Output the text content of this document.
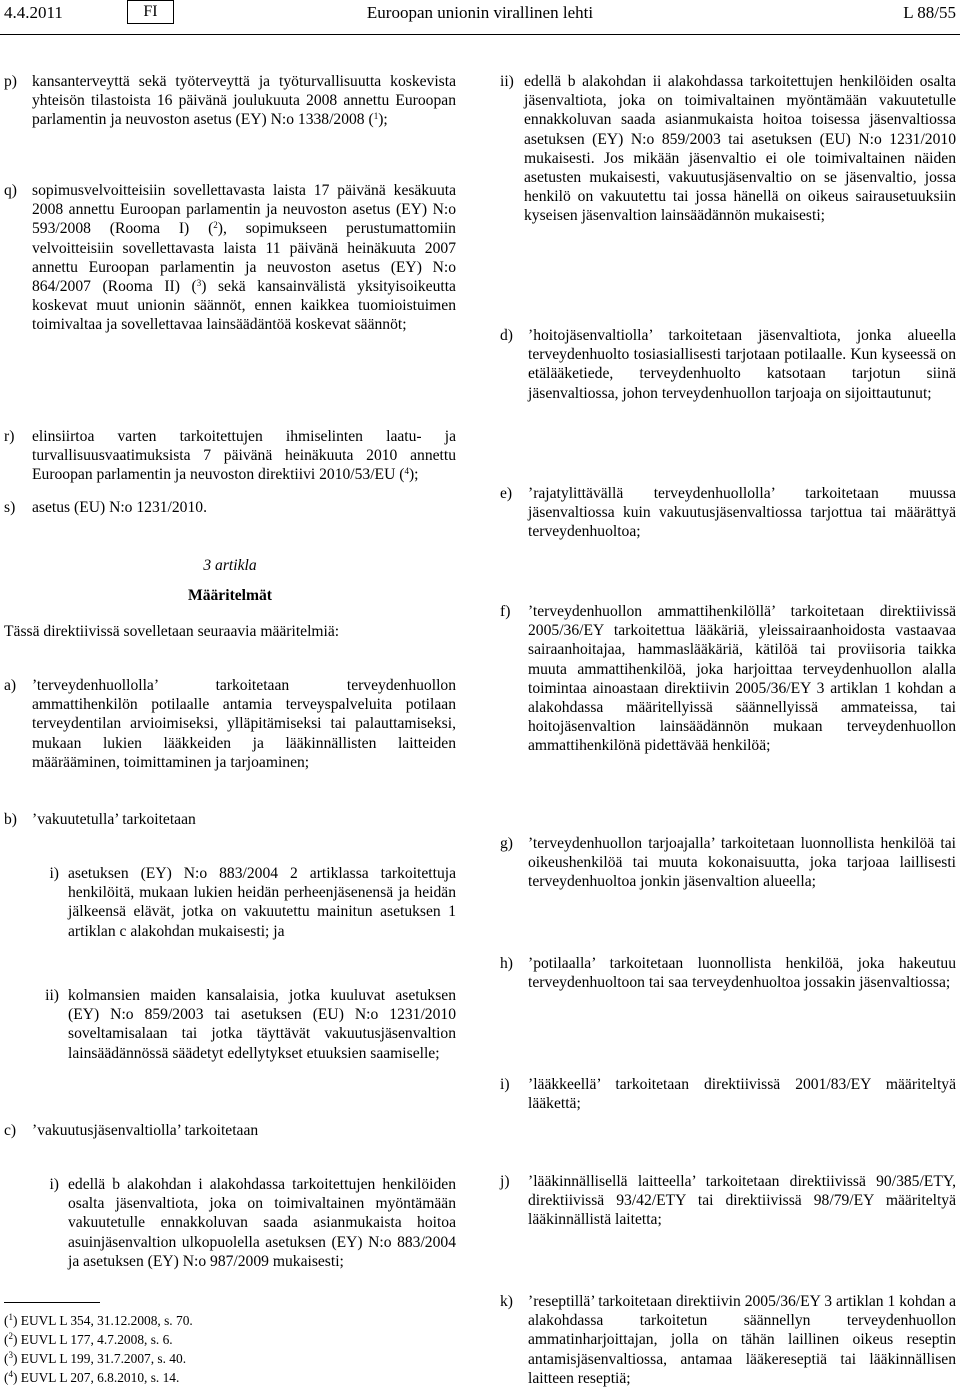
4.4.2011	FI	Euroopan unionin virallinen lehti	L 88/55
p) kansanterveyttä sekä työterveyttä ja työturvallisuutta koskevista yhteisön tilastoista 16 päivänä joulukuuta 2008 annettu Euroopan parlamentin ja neuvoston asetus (EY) N:o 1338/2008 ($^1$);

q) sopimusvelvoitteisiin sovellettavasta laista 17 päivänä kesäkuuta 2008 annettu Euroopan parlamentin ja neuvoston asetus (EY) N:o 593/2008 (Rooma I) ($^2$), sopimukseen perustumattomiin velvoitteisiin sovellettavasta laista 11 päivänä heinäkuuta 2007 annettu Euroopan parlamentin ja neuvoston asetus (EY) N:o 864/2007 (Rooma II) ($^3$) sekä kansainvälistä yksityisoikeutta koskevat muut unionin säännöt, ennen kaikkea tuomioistuimen toimivaltaa ja sovellettavaa lainsäädäntöä koskevat säännöt;

r)	elinsiirtoa varten tarkoitettujen ihmiselinten laatu- ja turvallisuusvaatimuksista 7 päivänä heinäkuuta 2010 annettu Euroopan parlamentin ja neuvoston direktiivi 2010/53/EU ($^4$);

s)	asetus (EU) N:o 1231/2010.

3 artikla
Määritelmät
Tässä direktiivissä sovelletaan seuraavia määritelmiä:
a)	’terveydenhuollolla’ tarkoitetaan terveydenhuollon ammattihenkilön potilaalle antamia terveyspalveluita potilaan terveydentilan arvioimiseksi, ylläpitämiseksi tai palauttamiseksi, mukaan lukien lääkkeiden ja lääkinnällisten laitteiden määrääminen, toimittaminen ja tarjoaminen;

b) ’vakuutetulla’ tarkoitetaan

i) asetuksen (EY) N:o 883/2004 2 artiklassa tarkoitettuja henkilöitä, mukaan lukien heidän perheenjäsenensä ja heidän jälkeensä elävät, jotka on vakuutettu mainitun asetuksen 1 artiklan c alakohdan mukaisesti; ja

ii) kolmansien maiden kansalaisia, jotka kuuluvat asetuksen (EY) N:o 859/2003 tai asetuksen (EU) N:o 1231/2010 soveltamisalaan tai jotka täyttävät vakuutusjäsenvaltion lainsäädännössä säädetyt edellytykset etuuksien saamiselle;

c)	’vakuutusjäsenvaltiolla’ tarkoitetaan

i) edellä b alakohdan i alakohdassa tarkoitettujen henkilöiden osalta jäsenvaltiota, joka on toimivaltainen myöntämään vakuutetulle ennakkoluvan saada asianmukaista hoitoa asuinjäsenvaltion ulkopuolella asetuksen (EY) N:o 883/2004 ja asetuksen (EY) N:o 987/2009 mukaisesti;

($^1$) EUVL L 354, 31.12.2008, s. 70.
($^2$) EUVL L 177, 4.7.2008, s. 6.
($^3$) EUVL L 199, 31.7.2007, s. 40.
($^4$) EUVL L 207, 6.8.2010, s. 14.
ii) edellä b alakohdan ii alakohdassa tarkoitettujen henkilöiden osalta jäsenvaltiota, joka on toimivaltainen myöntämään vakuutetulle ennakkoluvan saada asianmukaista hoitoa toisessa jäsenvaltiossa asetuksen (EY) N:o 859/2003 tai asetuksen (EU) N:o 1231/2010 mukaisesti. Jos mikään jäsenvaltio ei ole toimivaltainen näiden asetusten mukaisesti, vakuutusjäsenvaltio on se jäsenvaltio, jossa henkilö on vakuutettu tai jossa hänellä on oikeus sairausetuuksiin kyseisen jäsenvaltion lainsäädännön mukaisesti;

d) ’hoitojäsenvaltiolla’ tarkoitetaan jäsenvaltiota, jonka alueella terveydenhuolto tosiasiallisesti tarjotaan potilaalle. Kun kyseessä on etälääketiede, terveydenhuolto katsotaan tarjotun siinä jäsenvaltiossa, johon terveydenhuollon tarjoaja on sijoittautunut;

e)	’rajatylittävällä terveydenhuollolla’ tarkoitetaan muussa jäsenvaltiossa kuin vakuutusjäsenvaltiossa tarjottua tai määrättyä terveydenhuoltoa;

f)	’terveydenhuollon ammattihenkilöllä’ tarkoitetaan direktiivissä 2005/36/EY tarkoitettua lääkäriä, yleissairaanhoidosta vastaavaa sairaanhoitajaa, hammaslääkäriä, kätilöä tai proviisoria taikka muuta ammattihenkilöä, joka harjoittaa terveydenhuollon alalla toimintaa ainoastaan direktiivin 2005/36/EY 3 artiklan 1 kohdan a alakohdassa määritellyissä säännellyissä ammateissa, tai hoitojäsenvaltion lainsäädännön mukaan terveydenhuollon ammattihenkilönä pidettävää henkilöä;

g) ’terveydenhuollon tarjoajalla’ tarkoitetaan luonnollista henkilöä tai oikeushenkilöä tai muuta kokonaisuutta, joka tarjoaa laillisesti terveydenhuoltoa jonkin jäsenvaltion alueella;

h) ’potilaalla’ tarkoitetaan luonnollista henkilöä, joka hakeutuu terveydenhuoltoon tai saa terveydenhuoltoa jossakin jäsenvaltiossa;

i)	’lääkkeellä’ tarkoitetaan direktiivissä 2001/83/EY määriteltyä lääkettä;

j)	’lääkinnällisellä laitteella’ tarkoitetaan direktiivissä 90/385/ETY, direktiivissä 93/42/ETY tai direktiivissä 98/79/EY määriteltyä lääkinnällistä laitetta;

k) ’reseptillä’ tarkoitetaan direktiivin 2005/36/EY 3 artiklan 1 kohdan a alakohdassa tarkoitetun säännellyn terveydenhuollon ammatinharjoittajan, jolla on tähän laillinen oikeus reseptin antamisjäsenvaltiossa, antamaa lääkereseptiä tai lääkinnällisen laitteen reseptiä;
